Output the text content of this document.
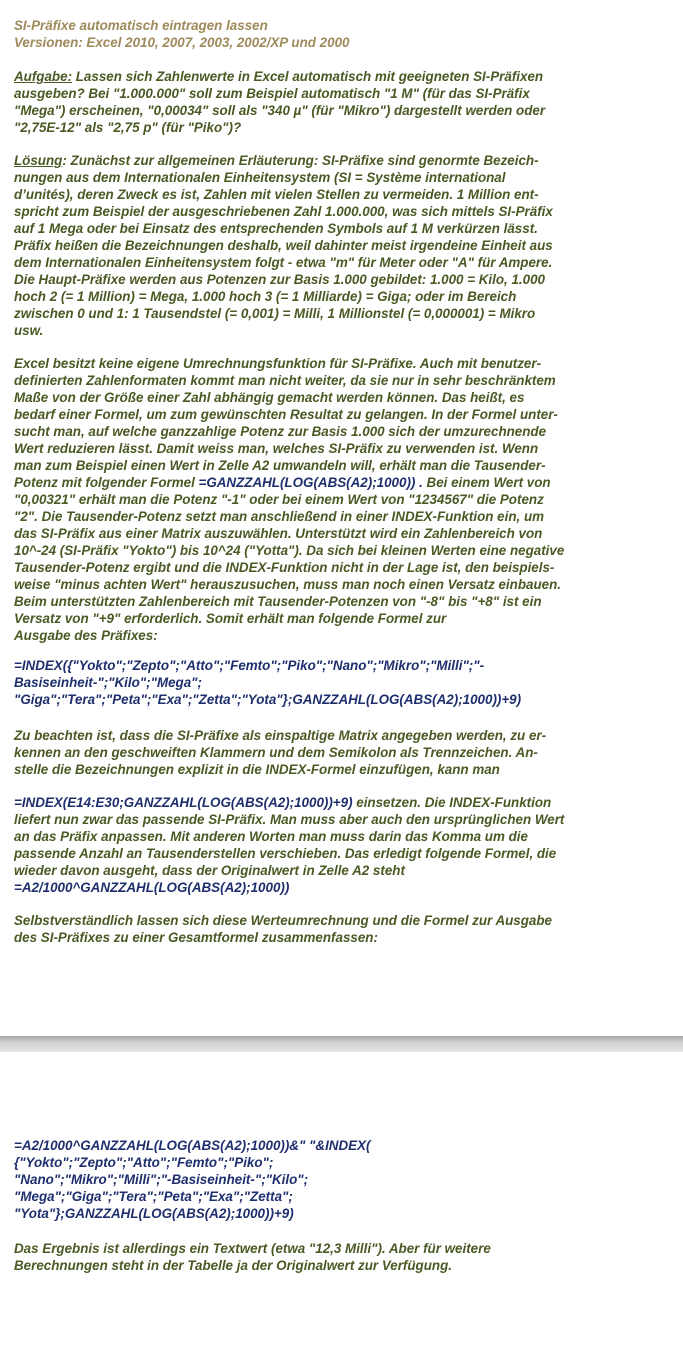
SI-Präfixe automatisch eintragen lassen
Versionen: Excel 2010, 2007, 2003, 2002/XP und 2000
Aufgabe: Lassen sich Zahlenwerte in Excel automatisch mit geeigneten SI-Präfixen
ausgeben? Bei "1.000.000" soll zum Beispiel automatisch "1 M" (für das SI-Präfix
"Mega") erscheinen, "0,00034" soll als "340 µ" (für "Mikro") dargestellt werden oder
"2,75E-12" als "2,75 p" (für "Piko")?
Lösung: Zunächst zur allgemeinen Erläuterung: SI-Präfixe sind genormte Bezeich-
nungen aus dem Internationalen Einheitensystem (SI = Système international
d’unités), deren Zweck es ist, Zahlen mit vielen Stellen zu vermeiden. 1 Million ent-
spricht zum Beispiel der ausgeschriebenen Zahl 1.000.000, was sich mittels SI-Präfix
auf 1 Mega oder bei Einsatz des entsprechenden Symbols auf 1 M verkürzen lässt.
Präfix heißen die Bezeichnungen deshalb, weil dahinter meist irgendeine Einheit aus
dem Internationalen Einheitensystem folgt - etwa "m" für Meter oder "A" für Ampere.
Die Haupt-Präfixe werden aus Potenzen zur Basis 1.000 gebildet: 1.000 = Kilo, 1.000
hoch 2 (= 1 Million) = Mega, 1.000 hoch 3 (= 1 Milliarde) = Giga; oder im Bereich
zwischen 0 und 1: 1 Tausendstel (= 0,001) = Milli, 1 Millionstel (= 0,000001) = Mikro
usw.
Excel besitzt keine eigene Umrechnungsfunktion für SI-Präfixe. Auch mit benutzer-
definierten Zahlenformaten kommt man nicht weiter, da sie nur in sehr beschränktem
Maße von der Größe einer Zahl abhängig gemacht werden können. Das heißt, es
bedarf einer Formel, um zum gewünschten Resultat zu gelangen. In der Formel unter-
sucht man, auf welche ganzzahlige Potenz zur Basis 1.000 sich der umzurechnende
Wert reduzieren lässt. Damit weiss man, welches SI-Präfix zu verwenden ist. Wenn
man zum Beispiel einen Wert in Zelle A2 umwandeln will, erhält man die Tausender-
Potenz mit folgender Formel =GANZZAHL(LOG(ABS(A2);1000)) . Bei einem Wert von
"0,00321" erhält man die Potenz "-1" oder bei einem Wert von "1234567" die Potenz
"2". Die Tausender-Potenz setzt man anschließend in einer INDEX-Funktion ein, um
das SI-Präfix aus einer Matrix auszuwählen. Unterstützt wird ein Zahlenbereich von
10^-24 (SI-Präfix "Yokto") bis 10^24 ("Yotta"). Da sich bei kleinen Werten eine negative
Tausender-Potenz ergibt und die INDEX-Funktion nicht in der Lage ist, den beispiels-
weise "minus achten Wert" herauszusuchen, muss man noch einen Versatz einbauen.
Beim unterstützten Zahlenbereich mit Tausender-Potenzen von "-8" bis "+8" ist ein
Versatz von "+9" erforderlich. Somit erhält man folgende Formel zur
Ausgabe des Präfixes:
=INDEX({"Yokto";"Zepto";"Atto";"Femto";"Piko";"Nano";"Mikro";"Milli";"-
Basiseinheit-";"Kilo";"Mega";
"Giga";"Tera";"Peta";"Exa";"Zetta";"Yota"};GANZZAHL(LOG(ABS(A2);1000))+9)
Zu beachten ist, dass die SI-Präfixe als einspaltige Matrix angegeben werden, zu er-
kennen an den geschweiften Klammern und dem Semikolon als Trennzeichen. An-
stelle die Bezeichnungen explizit in die INDEX-Formel einzufügen, kann man
=INDEX(E14:E30;GANZZAHL(LOG(ABS(A2);1000))+9) einsetzen. Die INDEX-Funktion
liefert nun zwar das passende SI-Präfix. Man muss aber auch den ursprünglichen Wert
an das Präfix anpassen. Mit anderen Worten man muss darin das Komma um die
passende Anzahl an Tausenderstellen verschieben. Das erledigt folgende Formel, die
wieder davon ausgeht, dass der Originalwert in Zelle A2 steht
=A2/1000^GANZZAHL(LOG(ABS(A2);1000))
Selbstverständlich lassen sich diese Werteumrechnung und die Formel zur Ausgabe
des SI-Präfixes zu einer Gesamtformel zusammenfassen:
=A2/1000^GANZZAHL(LOG(ABS(A2);1000))&" "&INDEX(
{"Yokto";"Zepto";"Atto";"Femto";"Piko";
"Nano";"Mikro";"Milli";"-Basiseinheit-";"Kilo";
"Mega";"Giga";"Tera";"Peta";"Exa";"Zetta";
"Yota"};GANZZAHL(LOG(ABS(A2);1000))+9)
Das Ergebnis ist allerdings ein Textwert (etwa "12,3 Milli"). Aber für weitere
Berechnungen steht in der Tabelle ja der Originalwert zur Verfügung.
